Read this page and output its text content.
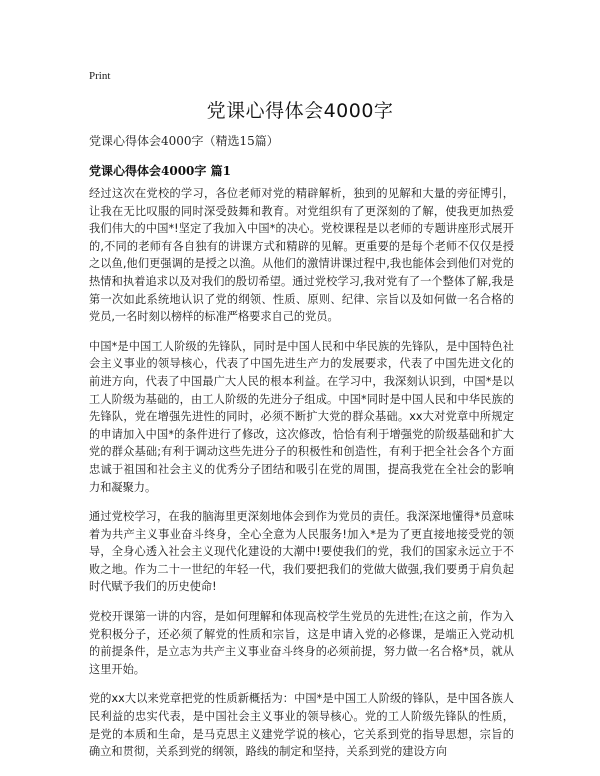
Print
党课心得体会4000字
党课心得体会4000字（精选15篇）
党课心得体会4000字 篇1

经过这次在党校的学习，各位老师对党的精辟解析，独到的见解和大量的旁征博引，让我在无比叹服的同时深受鼓舞和教育。对党组织有了更深刻的了解，使我更加热爱我们伟大的中国*!坚定了我加入中国*的决心。党校课程是以老师的专题讲座形式展开的,不同的老师有各自独有的讲课方式和精辟的见解。更重要的是每个老师不仅仅是授之以鱼,他们更强调的是授之以渔。从他们的激情讲课过程中,我也能体会到他们对党的热情和执着追求以及对我们的殷切希望。通过党校学习,我对党有了一个整体了解,我是第一次如此系统地认识了党的纲领、性质、原则、纪律、宗旨以及如何做一名合格的党员,一名时刻以榜样的标准严格要求自己的党员。

中国*是中国工人阶级的先锋队，同时是中国人民和中华民族的先锋队，是中国特色社会主义事业的领导核心，代表了中国先进生产力的发展要求，代表了中国先进文化的前进方向，代表了中国最广大人民的根本利益。在学习中，我深刻认识到，中国*是以工人阶级为基础的，由工人阶级的先进分子组成。中国*同时是中国人民和中华民族的先锋队，党在增强先进性的同时，必须不断扩大党的群众基础。xx大对党章中所规定的申请加入中国*的条件进行了修改，这次修改，恰恰有利于增强党的阶级基础和扩大党的群众基础;有利于调动这些先进分子的积极性和创造性，有利于把全社会各个方面忠诚于祖国和社会主义的优秀分子团结和吸引在党的周围，提高我党在全社会的影响力和凝聚力。

通过党校学习，在我的脑海里更深刻地体会到作为党员的责任。我深深地懂得*员意味着为共产主义事业奋斗终身，全心全意为人民服务!加入*是为了更直接地接受党的领导，全身心透入社会主义现代化建设的大潮中!要使我们的党，我们的国家永远立于不败之地。作为二十一世纪的年轻一代，我们要把我们的党做大做强,我们要勇于肩负起时代赋予我们的历史使命!

党校开课第一讲的内容，是如何理解和体现高校学生党员的先进性;在这之前，作为入党积极分子，还必须了解党的性质和宗旨，这是申请入党的必修课，是端正入党动机的前提条件，是立志为共产主义事业奋斗终身的必须前提，努力做一名合格*员，就从这里开始。

党的xx大以来党章把党的性质新概括为：中国*是中国工人阶级的锋队，是中国各族人民利益的忠实代表，是中国社会主义事业的领导核心。党的工人阶级先锋队的性质，是党的本质和生命，是马克思主义建党学说的核心，它关系到党的指导思想，宗旨的确立和贯彻，关系到党的纲领，路线的制定和坚持，关系到党的建设方向
